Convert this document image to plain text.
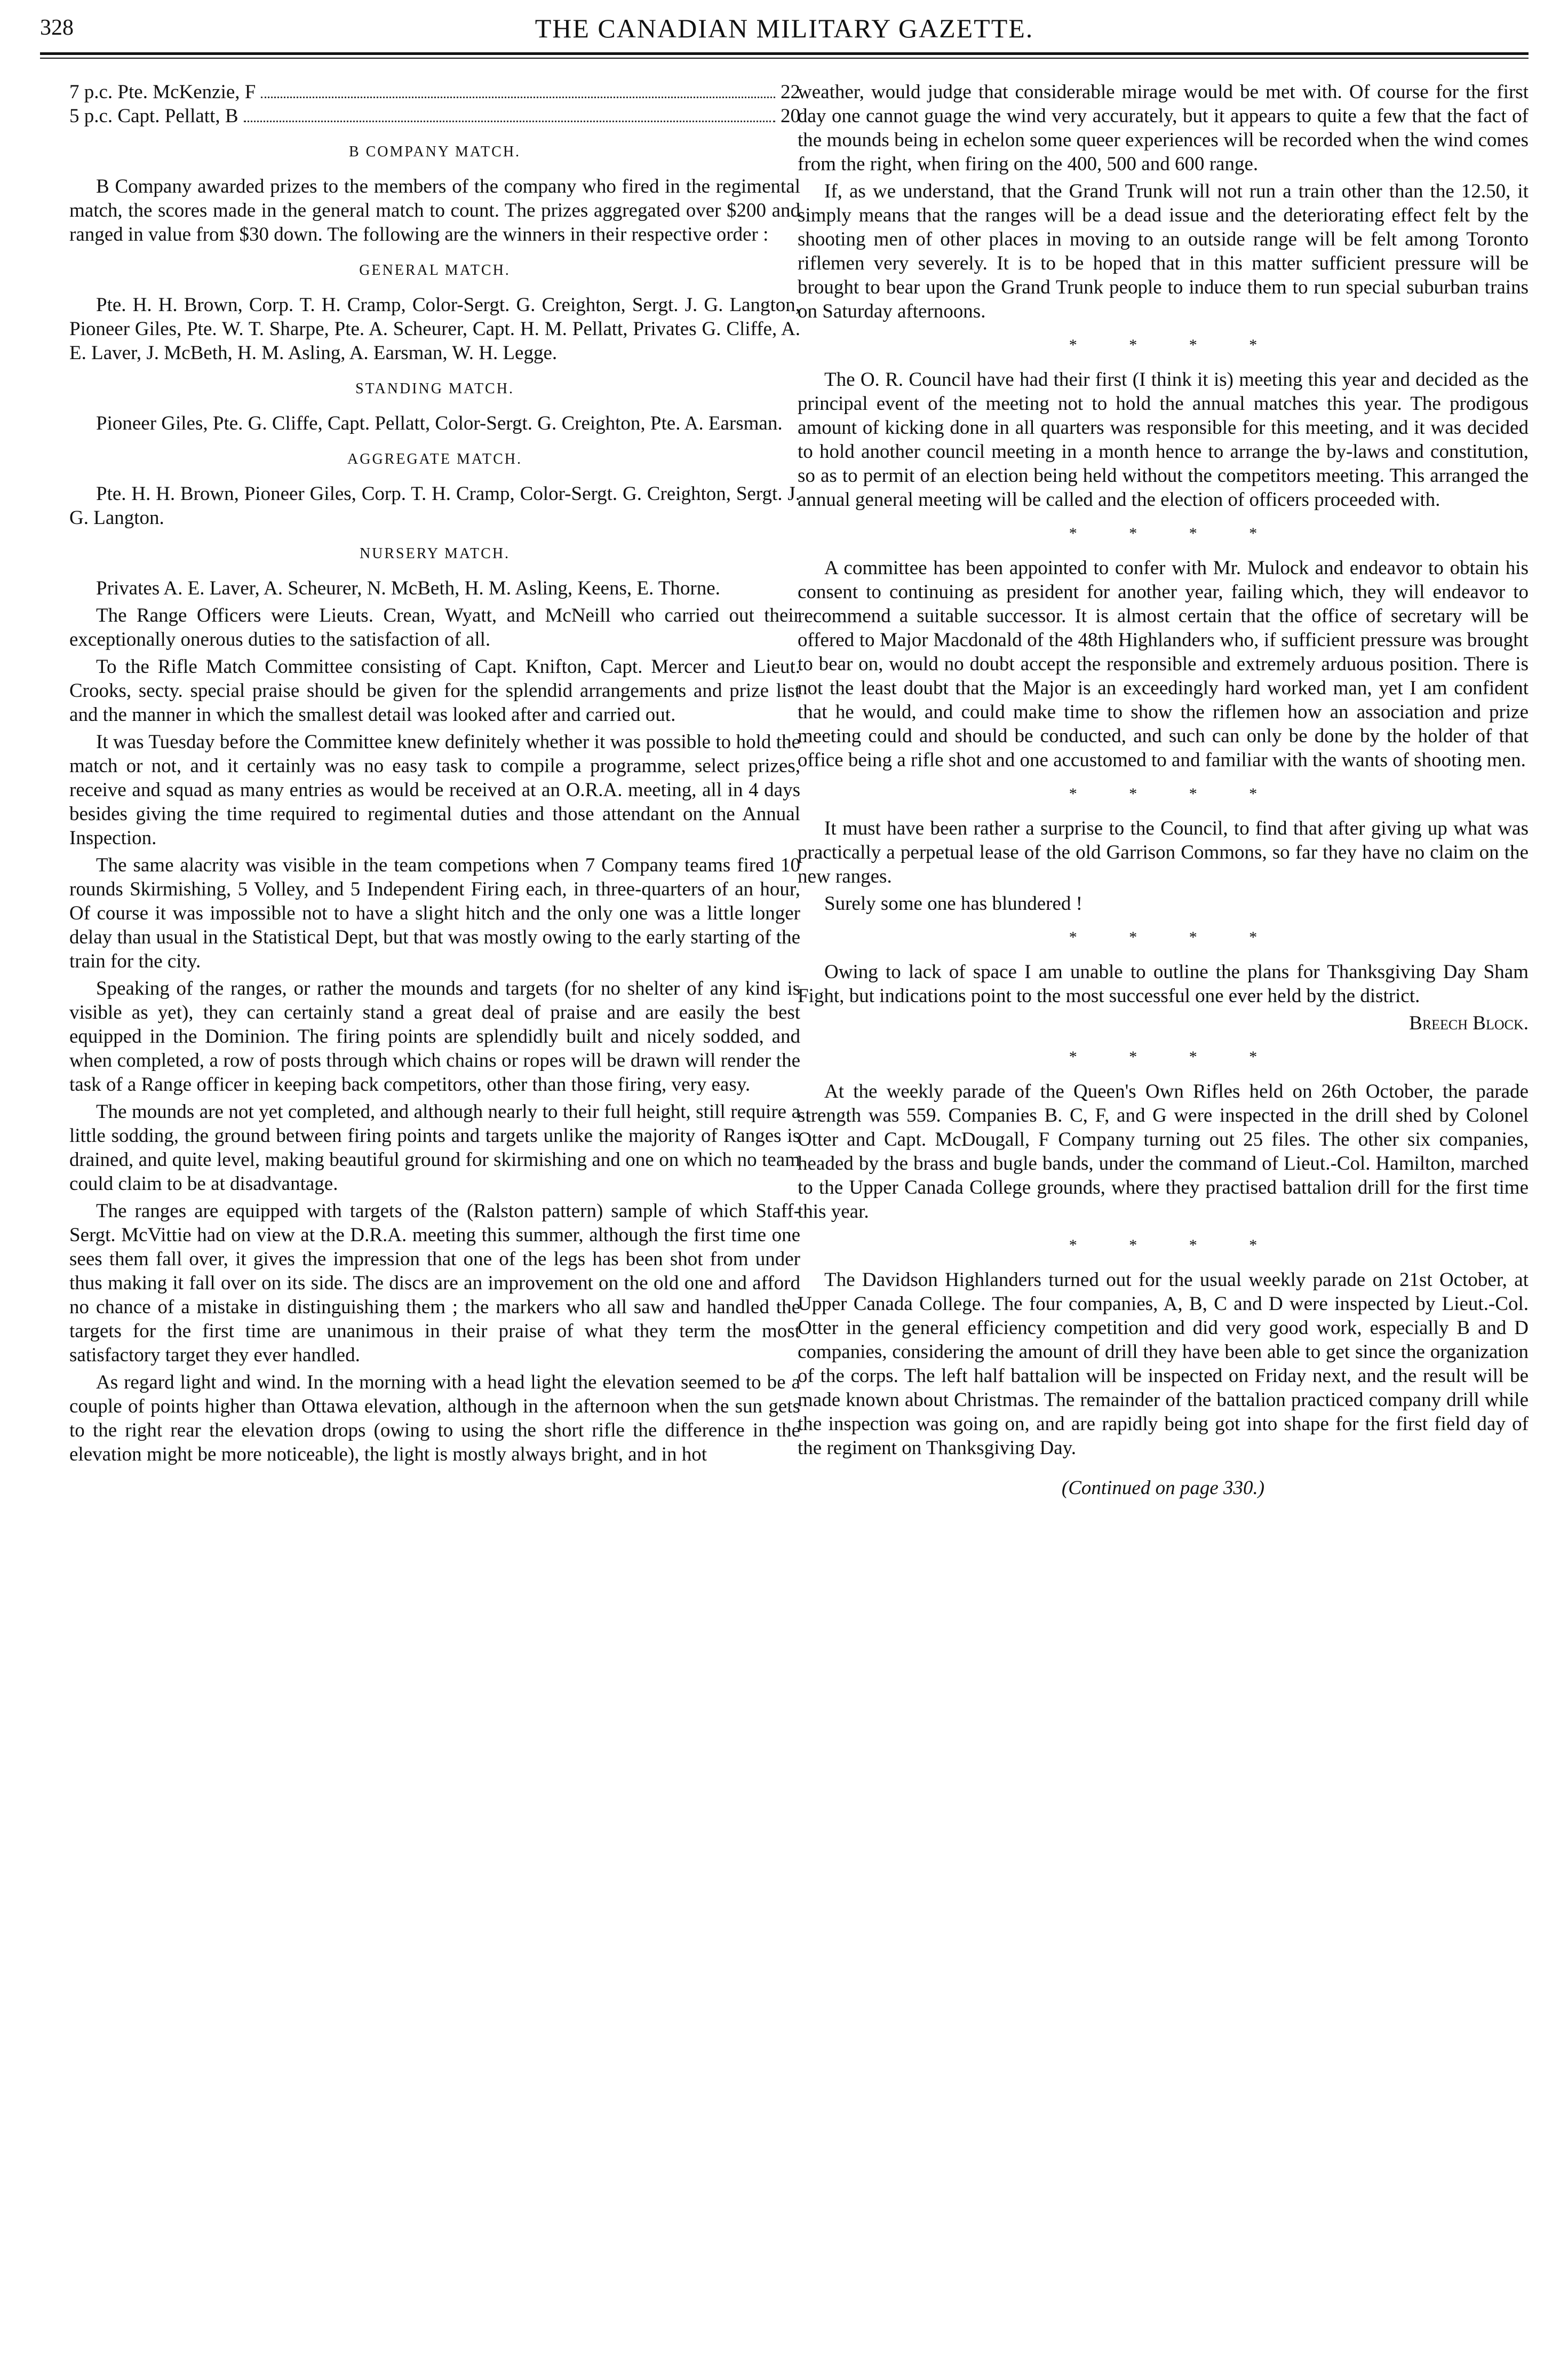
328	THE CANADIAN MILITARY GAZETTE.
7 p.c. Pte. McKenzie, F	22
5 p.c. Capt. Pellatt, B	20

B COMPANY MATCH.

B Company awarded prizes to the members of the company who fired in the regimental match, the scores made in the general match to count. The prizes aggregated over $200 and ranged in value from $30 down. The following are the winners in their respective order :

GENERAL MATCH.

Pte. H. H. Brown, Corp. T. H. Cramp, Color-Sergt. G. Creighton, Sergt. J. G. Langton, Pioneer Giles, Pte. W. T. Sharpe, Pte. A. Scheurer, Capt. H. M. Pellatt, Privates G. Cliffe, A. E. Laver, J. McBeth, H. M. Asling, A. Earsman, W. H. Legge.

STANDING MATCH.

Pioneer Giles, Pte. G. Cliffe, Capt. Pellatt, Color-Sergt. G. Creighton, Pte. A. Earsman.

AGGREGATE MATCH.

Pte. H. H. Brown, Pioneer Giles, Corp. T. H. Cramp, Color-Sergt. G. Creighton, Sergt. J. G. Langton.

NURSERY MATCH.

Privates A. E. Laver, A. Scheurer, N. McBeth, H. M. Asling, Keens, E. Thorne.

The Range Officers were Lieuts. Crean, Wyatt, and McNeill who carried out their exceptionally onerous duties to the satisfaction of all.

To the Rifle Match Committee consisting of Capt. Knifton, Capt. Mercer and Lieut. Crooks, secty. special praise should be given for the splendid arrangements and prize list and the manner in which the smallest detail was looked after and carried out.

It was Tuesday before the Committee knew definitely whether it was possible to hold the match or not, and it certainly was no easy task to compile a programme, select prizes, receive and squad as many entries as would be received at an O.R.A. meeting, all in 4 days besides giving the time required to regimental duties and those attendant on the Annual Inspection.

The same alacrity was visible in the team competions when 7 Company teams fired 10 rounds Skirmishing, 5 Volley, and 5 Independent Firing each, in three-quarters of an hour, Of course it was impossible not to have a slight hitch and the only one was a little longer delay than usual in the Statistical Dept, but that was mostly owing to the early starting of the train for the city.

Speaking of the ranges, or rather the mounds and targets (for no shelter of any kind is visible as yet), they can certainly stand a great deal of praise and are easily the best equipped in the Dominion. The firing points are splendidly built and nicely sodded, and when completed, a row of posts through which chains or ropes will be drawn will render the task of a Range officer in keeping back competitors, other than those firing, very easy.

The mounds are not yet completed, and although nearly to their full height, still require a little sodding, the ground between firing points and targets unlike the majority of Ranges is drained, and quite level, making beautiful ground for skirmishing and one on which no team could claim to be at disadvantage.

The ranges are equipped with targets of the (Ralston pattern) sample of which Staff-Sergt. McVittie had on view at the D.R.A. meeting this summer, although the first time one sees them fall over, it gives the impression that one of the legs has been shot from under thus making it fall over on its side. The discs are an improvement on the old one and afford no chance of a mistake in distinguishing them ; the markers who all saw and handled the targets for the first time are unanimous in their praise of what they term the most satisfactory target they ever handled.

As regard light and wind. In the morning with a head light the elevation seemed to be a couple of points higher than Ottawa elevation, although in the afternoon when the sun gets to the right rear the elevation drops (owing to using the short rifle the difference in the elevation might be more noticeable), the light is mostly always bright, and in hot

weather, would judge that considerable mirage would be met with. Of course for the first day one cannot guage the wind very accurately, but it appears to quite a few that the fact of the mounds being in echelon some queer experiences will be recorded when the wind comes from the right, when firing on the 400, 500 and 600 range.

If, as we understand, that the Grand Trunk will not run a train other than the 12.50, it simply means that the ranges will be a dead issue and the deteriorating effect felt by the shooting men of other places in moving to an outside range will be felt among Toronto riflemen very severely. It is to be hoped that in this matter sufficient pressure will be brought to bear upon the Grand Trunk people to induce them to run special suburban trains on Saturday afternoons.

* * * *

The O. R. Council have had their first (I think it is) meeting this year and decided as the principal event of the meeting not to hold the annual matches this year. The prodigous amount of kicking done in all quarters was responsible for this meeting, and it was decided to hold another council meeting in a month hence to arrange the by-laws and constitution, so as to permit of an election being held without the competitors meeting. This arranged the annual general meeting will be called and the election of officers proceeded with.

* * * *

A committee has been appointed to confer with Mr. Mulock and endeavor to obtain his consent to continuing as president for another year, failing which, they will endeavor to recommend a suitable successor. It is almost certain that the office of secretary will be offered to Major Macdonald of the 48th Highlanders who, if sufficient pressure was brought to bear on, would no doubt accept the responsible and extremely arduous position. There is not the least doubt that the Major is an exceedingly hard worked man, yet I am confident that he would, and could make time to show the riflemen how an association and prize meeting could and should be conducted, and such can only be done by the holder of that office being a rifle shot and one accustomed to and familiar with the wants of shooting men.

* * * *

It must have been rather a surprise to the Council, to find that after giving up what was practically a perpetual lease of the old Garrison Commons, so far they have no claim on the new ranges.

Surely some one has blundered !

* * * *

Owing to lack of space I am unable to outline the plans for Thanksgiving Day Sham Fight, but indications point to the most successful one ever held by the district.

Breech Block.

* * * *

At the weekly parade of the Queen's Own Rifles held on 26th October, the parade strength was 559. Companies B. C, F, and G were inspected in the drill shed by Colonel Otter and Capt. McDougall, F Company turning out 25 files. The other six companies, headed by the brass and bugle bands, under the command of Lieut.-Col. Hamilton, marched to the Upper Canada College grounds, where they practised battalion drill for the first time this year.

* * * *

The Davidson Highlanders turned out for the usual weekly parade on 21st October, at Upper Canada College. The four companies, A, B, C and D were inspected by Lieut.-Col. Otter in the general efficiency competition and did very good work, especially B and D companies, considering the amount of drill they have been able to get since the organization of the corps. The left half battalion will be inspected on Friday next, and the result will be made known about Christmas. The remainder of the battalion practiced company drill while the inspection was going on, and are rapidly being got into shape for the first field day of the regiment on Thanksgiving Day.

(Continued on page 330.)
